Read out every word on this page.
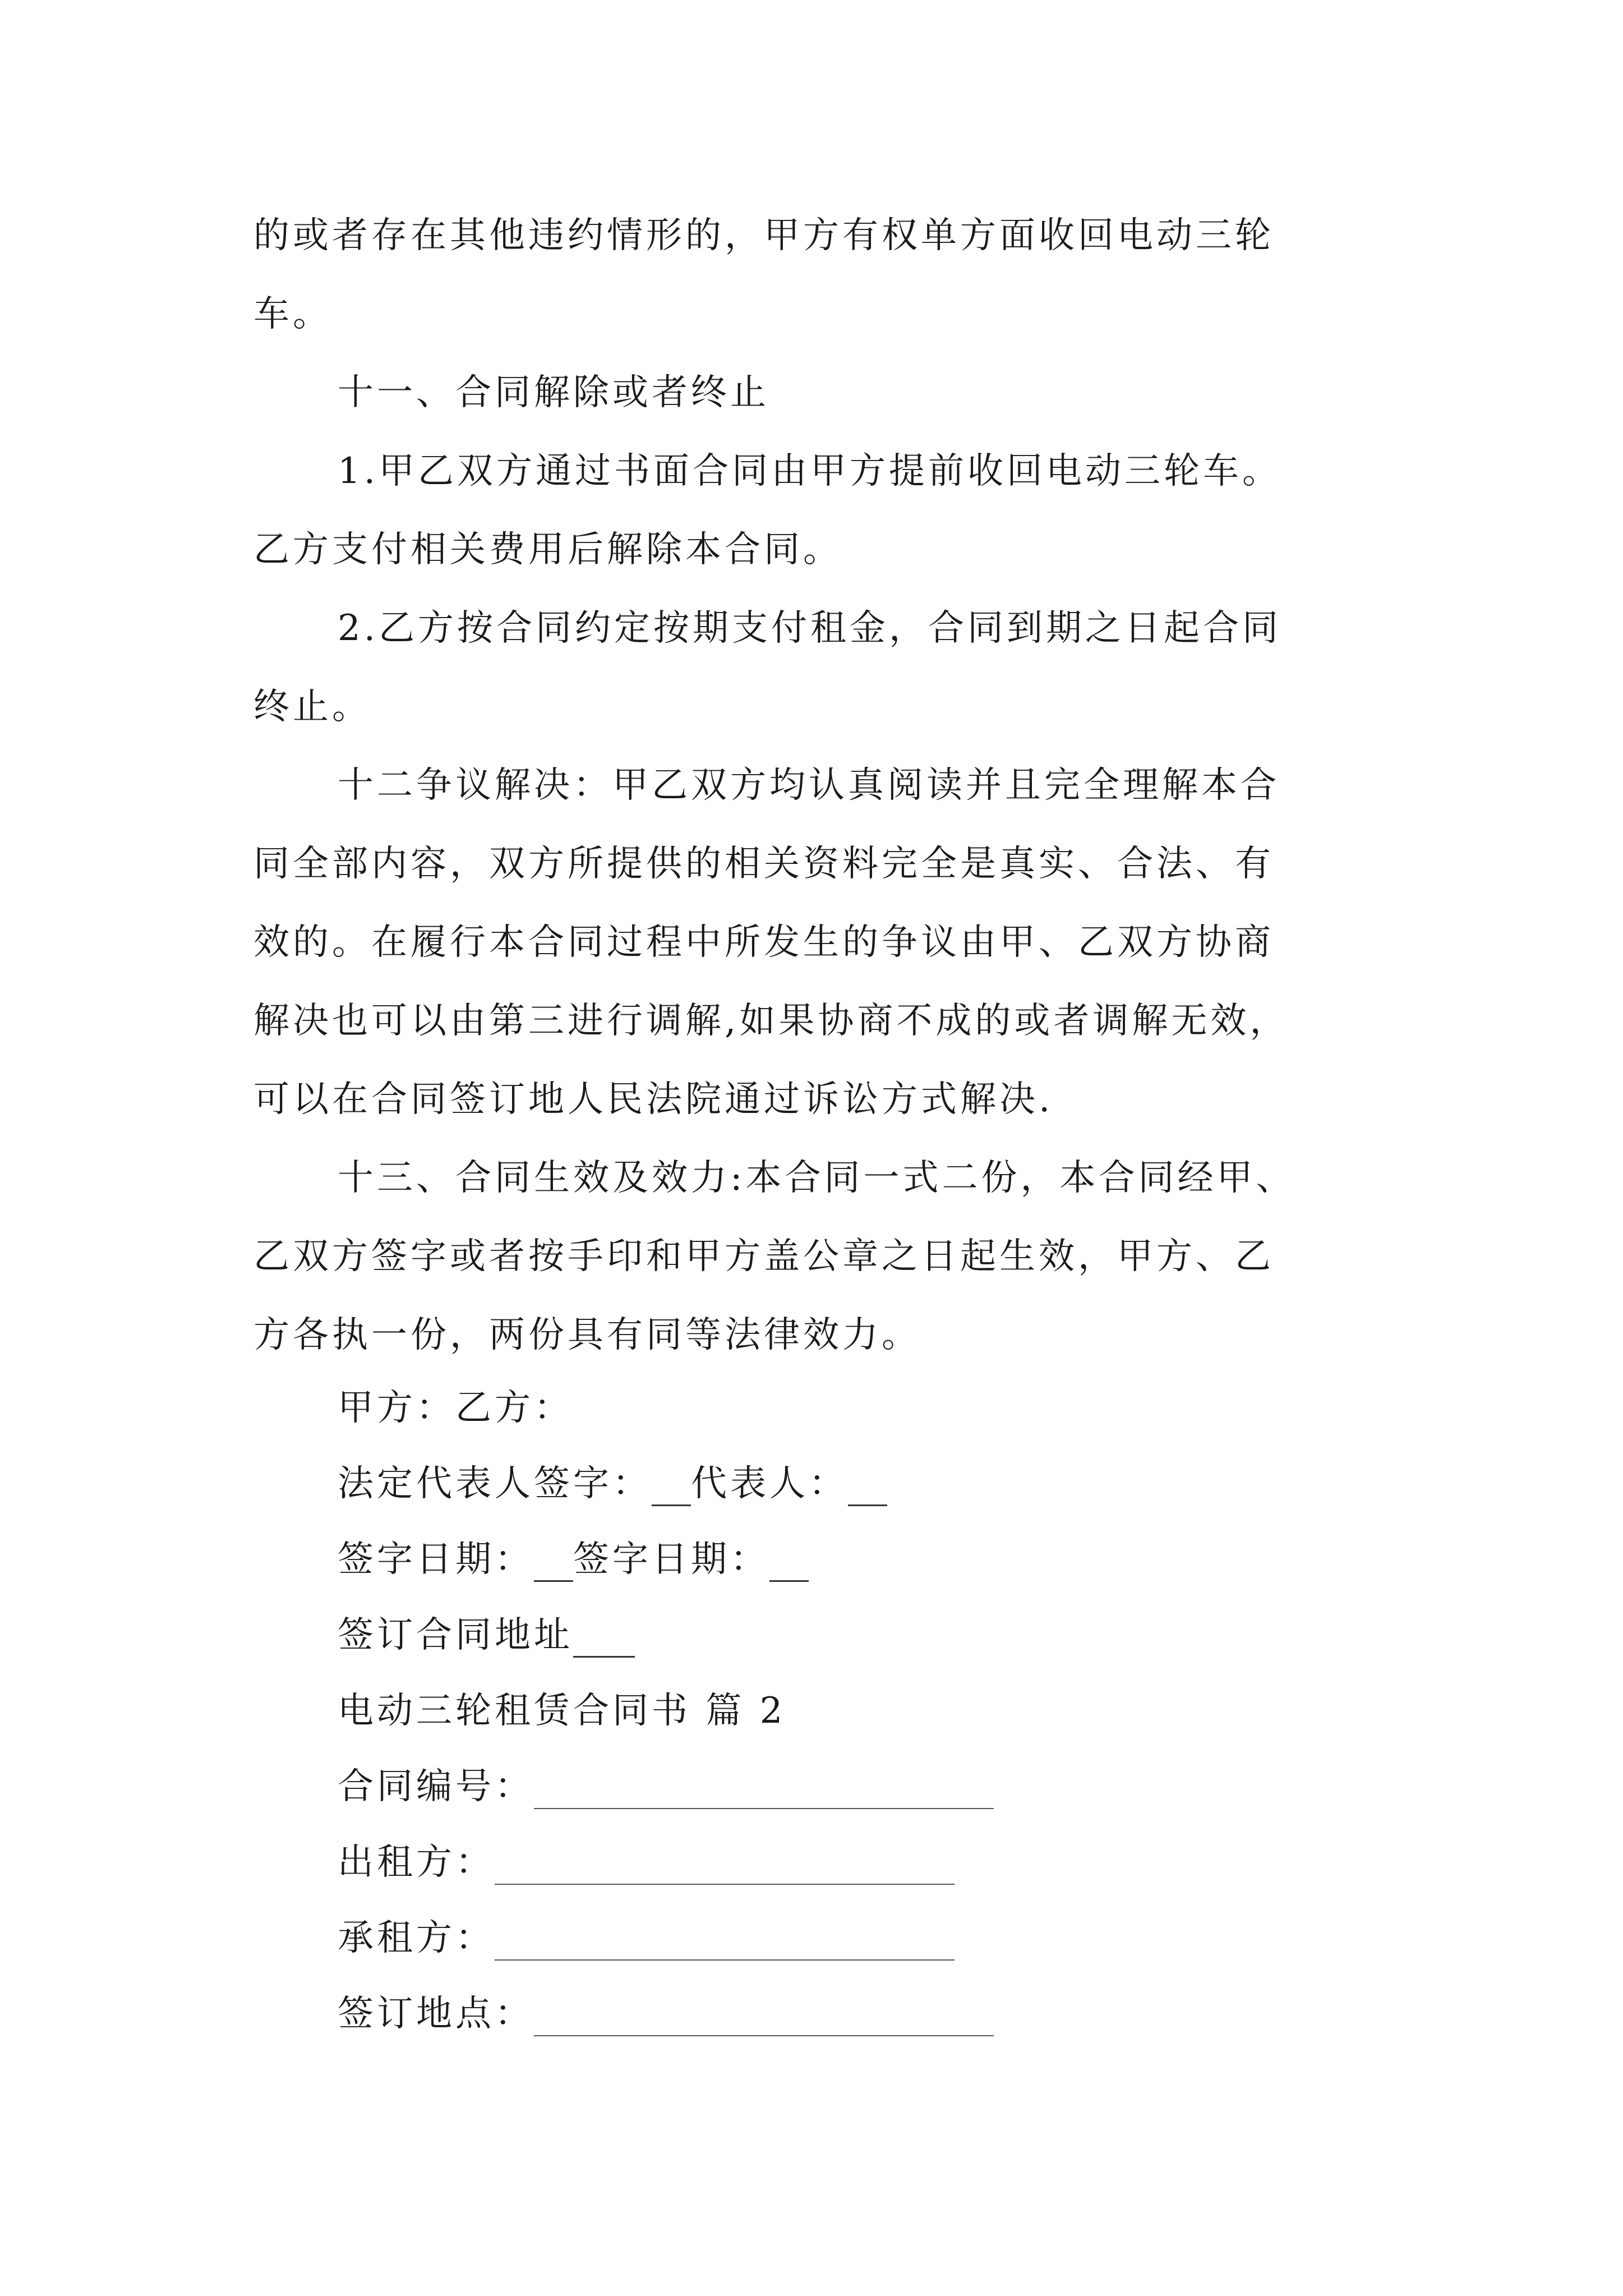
的或者存在其他违约情形的，甲方有权单方面收回电动三轮
车。
十一、合同解除或者终止
1.甲乙双方通过书面合同由甲方提前收回电动三轮车。
乙方支付相关费用后解除本合同。
2.乙方按合同约定按期支付租金，合同到期之日起合同
终止。
十二争议解决：甲乙双方均认真阅读并且完全理解本合
同全部内容，双方所提供的相关资料完全是真实、合法、有
效的。在履行本合同过程中所发生的争议由甲、乙双方协商
解决也可以由第三进行调解,如果协商不成的或者调解无效，
可以在合同签订地人民法院通过诉讼方式解决.
十三、合同生效及效力:本合同一式二份，本合同经甲、
乙双方签字或者按手印和甲方盖公章之日起生效，甲方、乙
方各执一份，两份具有同等法律效力。
甲方：乙方：
法定代表人签字： 代表人：
签字日期： 签字日期：
签订合同地址
电动三轮租赁合同书 篇 2
合同编号：
出租方：
承租方：
签订地点：
